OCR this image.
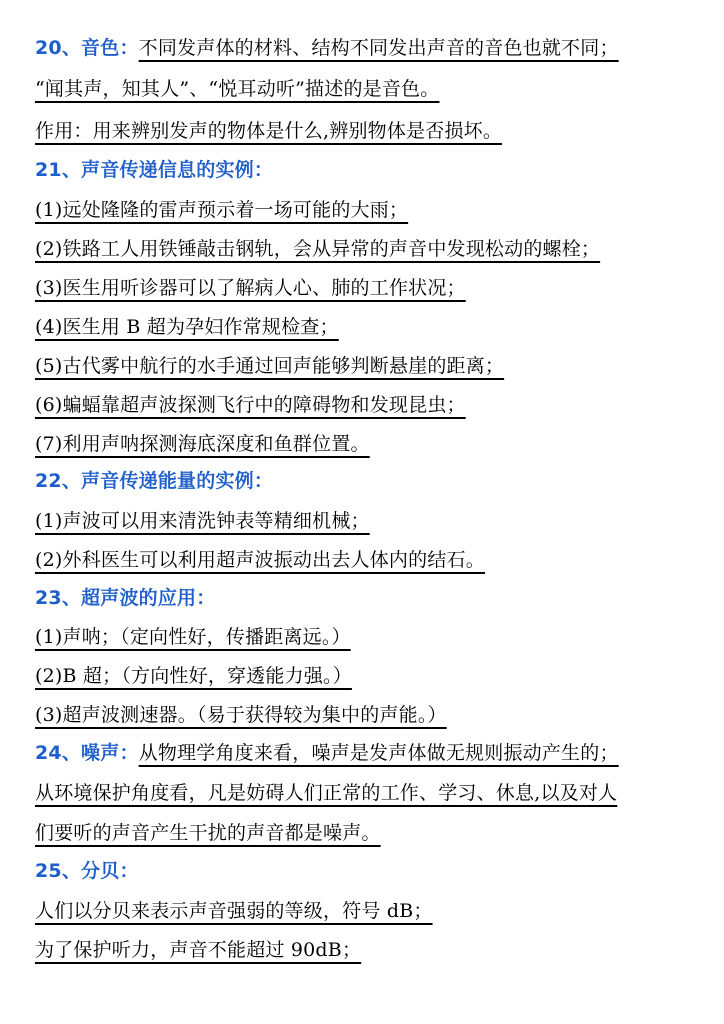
20、音色：不同发声体的材料、结构不同发出声音的音色也就不同；
“闻其声，知其人”、“悦耳动听”描述的是音色。
作用：用来辨别发声的物体是什么,辨别物体是否损坏。
21、声音传递信息的实例：
(1)远处隆隆的雷声预示着一场可能的大雨；
(2)铁路工人用铁锤敲击钢轨，会从异常的声音中发现松动的螺栓；
(3)医生用听诊器可以了解病人心、肺的工作状况；
(4)医生用 B 超为孕妇作常规检查；
(5)古代雾中航行的水手通过回声能够判断悬崖的距离；
(6)蝙蝠靠超声波探测飞行中的障碍物和发现昆虫；
(7)利用声呐探测海底深度和鱼群位置。
22、声音传递能量的实例：
(1)声波可以用来清洗钟表等精细机械；
(2)外科医生可以利用超声波振动出去人体内的结石。
23、超声波的应用：
(1)声呐；（定向性好，传播距离远。）
(2)B 超；（方向性好，穿透能力强。）
(3)超声波测速器。（易于获得较为集中的声能。）
24、噪声：从物理学角度来看，噪声是发声体做无规则振动产生的；
从环境保护角度看，凡是妨碍人们正常的工作、学习、休息,以及对人
们要听的声音产生干扰的声音都是噪声。
25、分贝：
人们以分贝来表示声音强弱的等级，符号 dB；
为了保护听力，声音不能超过 90dB；
